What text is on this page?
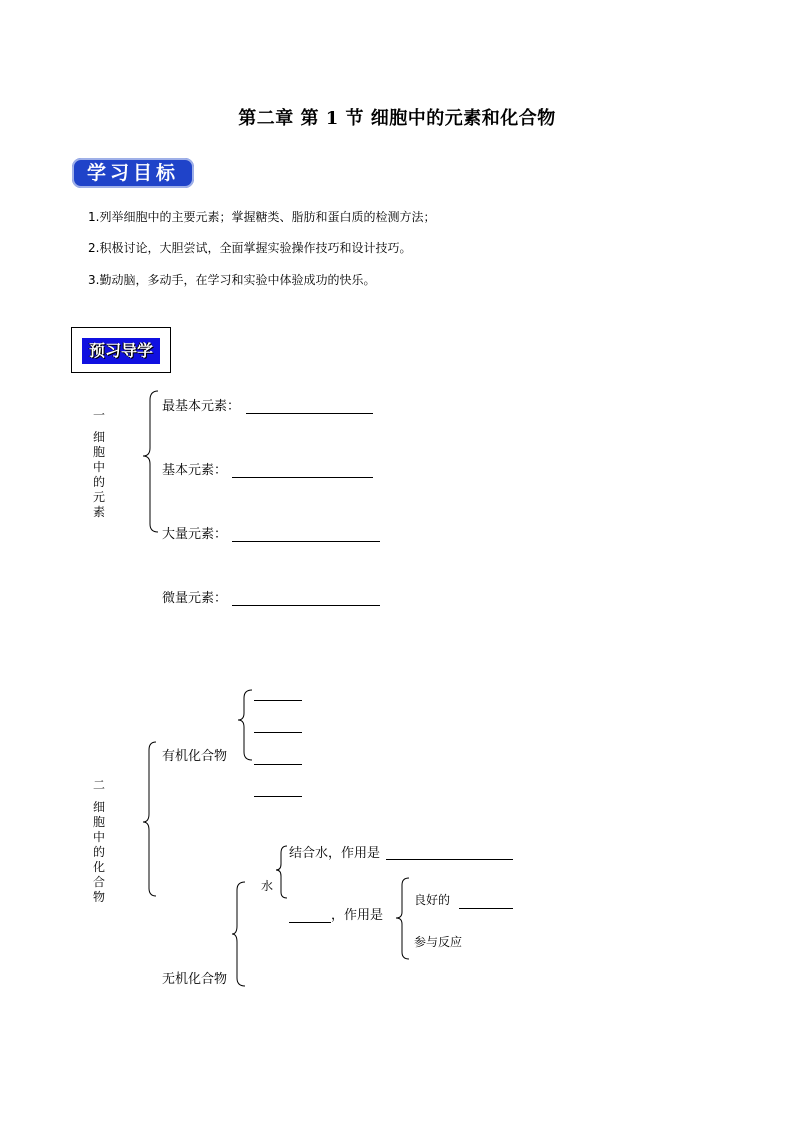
第二章 第 1 节 细胞中的元素和化合物
学习目标
1.列举细胞中的主要元素；掌握糖类、脂肪和蛋白质的检测方法；
2.积极讨论，大胆尝试，全面掌握实验操作技巧和设计技巧。
3.勤动脑，多动手，在学习和实验中体验成功的快乐。
预习导学
一
细胞中的元素
最基本元素：
基本元素：
大量元素：
微量元素：
二
细胞中的化合物
有机化合物
水
结合水，作用是
，作用是
良好的
参与反应
无机化合物
